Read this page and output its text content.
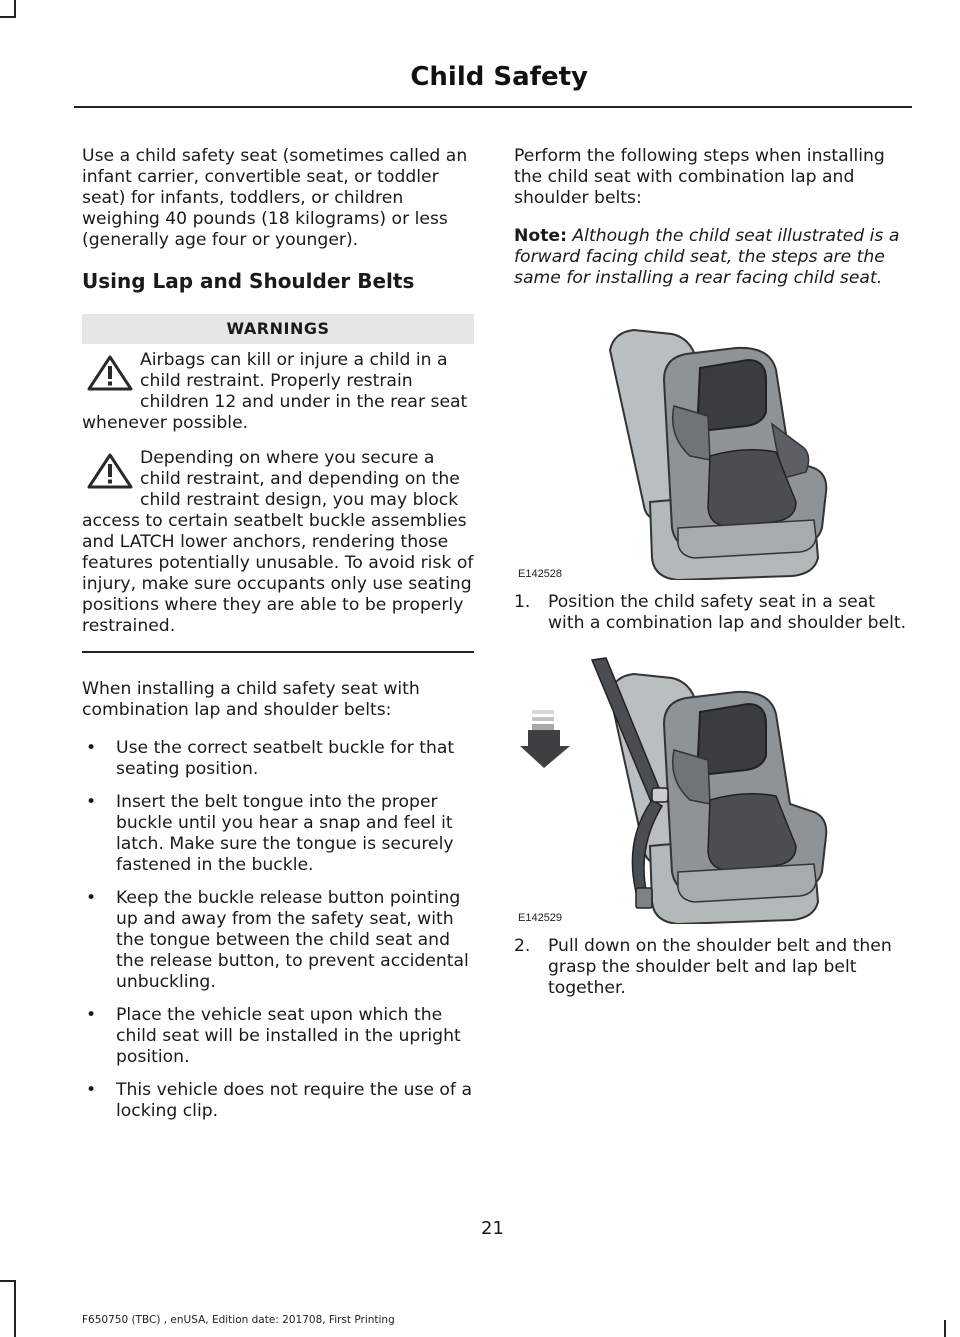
Child Safety

Use a child safety seat (sometimes called an infant carrier, convertible seat, or toddler seat) for infants, toddlers, or children weighing 40 pounds (18 kilograms) or less (generally age four or younger).

Using Lap and Shoulder Belts
WARNINGS

Airbags can kill or injure a child in a child restraint. Properly restrain children 12 and under in the rear seat whenever possible.

Depending on where you secure a child restraint, and depending on the child restraint design, you may block access to certain seatbelt buckle assemblies and LATCH lower anchors, rendering those features potentially unusable. To avoid risk of injury, make sure occupants only use seating positions where they are able to be properly restrained.

When installing a child safety seat with combination lap and shoulder belts:

• Use the correct seatbelt buckle for that seating position.
• Insert the belt tongue into the proper buckle until you hear a snap and feel it latch. Make sure the tongue is securely fastened in the buckle.
• Keep the buckle release button pointing up and away from the safety seat, with the tongue between the child seat and the release button, to prevent accidental unbuckling.
• Place the vehicle seat upon which the child seat will be installed in the upright position.
• This vehicle does not require the use of a locking clip.

Perform the following steps when installing the child seat with combination lap and shoulder belts:

Note: Although the child seat illustrated is a forward facing child seat, the steps are the same for installing a rear facing child seat.

E142528
1. Position the child safety seat in a seat with a combination lap and shoulder belt.
E142529
2. Pull down on the shoulder belt and then grasp the shoulder belt and lap belt together.
21
F650750 (TBC) , enUSA, Edition date: 201708, First Printing
